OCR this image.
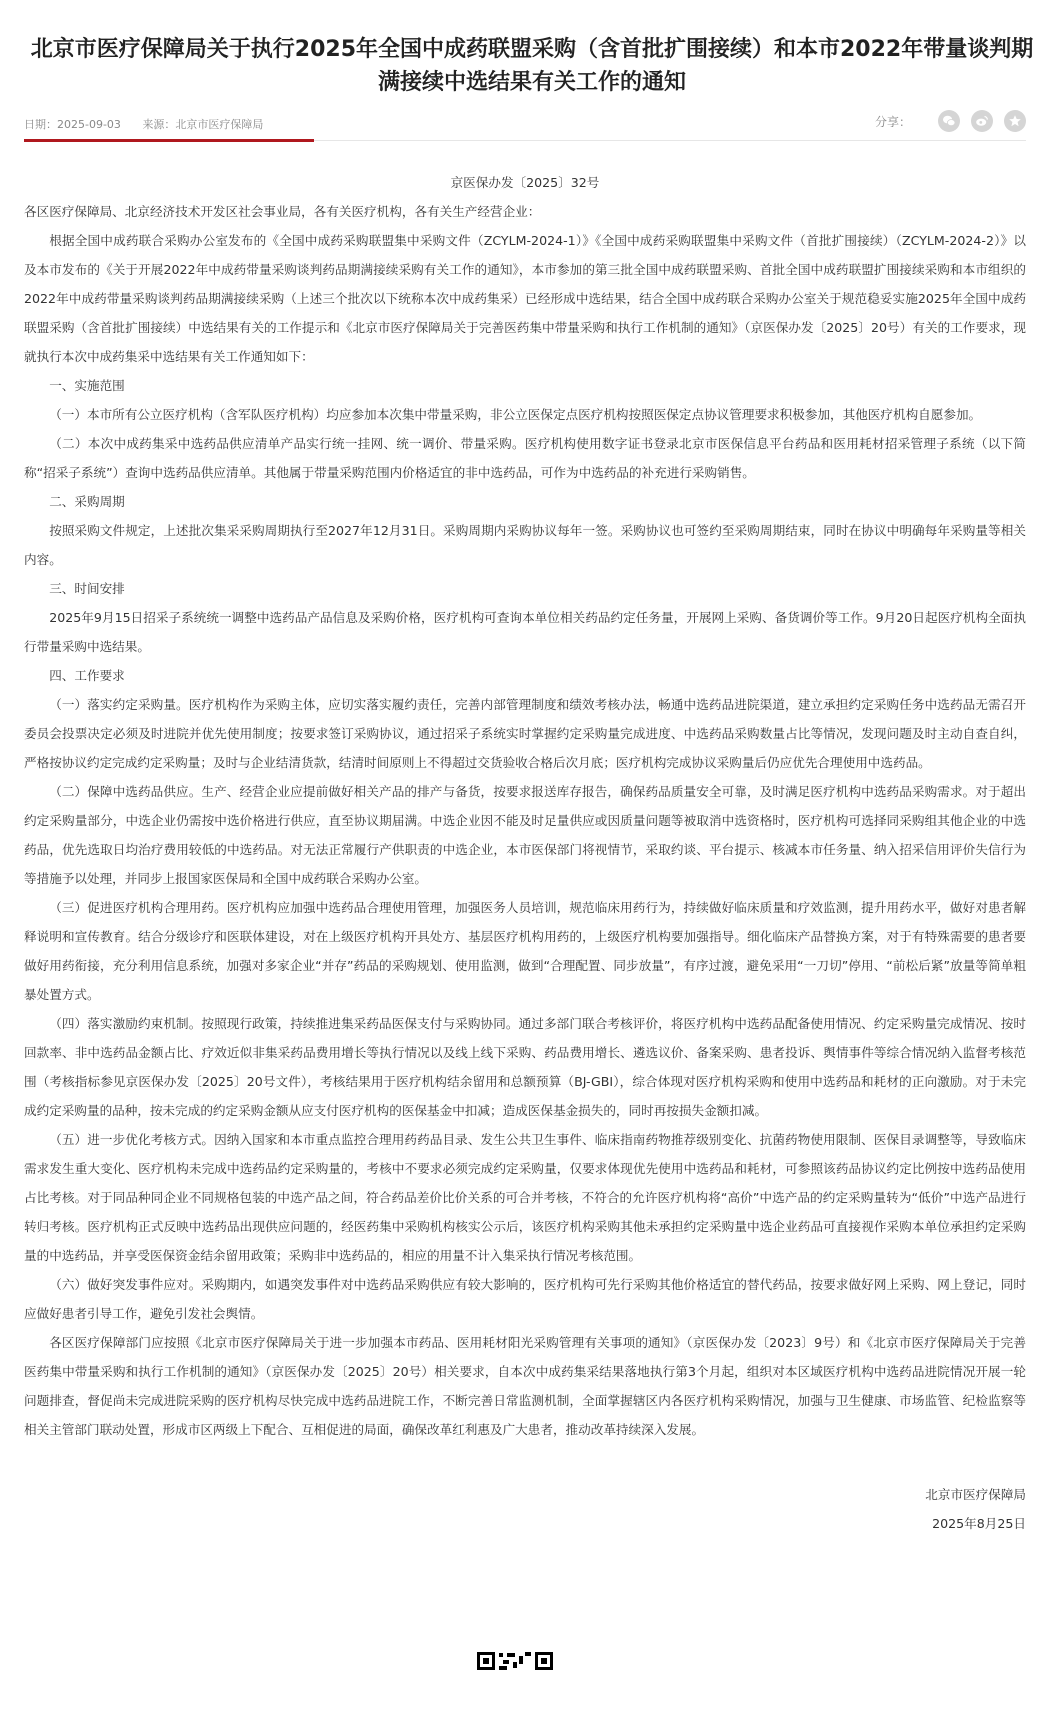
北京市医疗保障局关于执行2025年全国中成药联盟采购（含首批扩围接续）和本市2022年带量谈判期满接续中选结果有关工作的通知
日期：2025-09-03 来源：北京市医疗保障局	分享：

京医保办发〔2025〕32号

各区医疗保障局、北京经济技术开发区社会事业局，各有关医疗机构，各有关生产经营企业：

根据全国中成药联合采购办公室发布的《全国中成药采购联盟集中采购文件（ZCYLM-2024-1）》《全国中成药采购联盟集中采购文件（首批扩围接续）（ZCYLM-2024-2）》以及本市发布的《关于开展2022年中成药带量采购谈判药品期满接续采购有关工作的通知》，本市参加的第三批全国中成药联盟采购、首批全国中成药联盟扩围接续采购和本市组织的2022年中成药带量采购谈判药品期满接续采购（上述三个批次以下统称本次中成药集采）已经形成中选结果，结合全国中成药联合采购办公室关于规范稳妥实施2025年全国中成药联盟采购（含首批扩围接续）中选结果有关的工作提示和《北京市医疗保障局关于完善医药集中带量采购和执行工作机制的通知》（京医保办发〔2025〕20号）有关的工作要求，现就执行本次中成药集采中选结果有关工作通知如下：

一、实施范围

（一）本市所有公立医疗机构（含军队医疗机构）均应参加本次集中带量采购，非公立医保定点医疗机构按照医保定点协议管理要求积极参加，其他医疗机构自愿参加。

（二）本次中成药集采中选药品供应清单产品实行统一挂网、统一调价、带量采购。医疗机构使用数字证书登录北京市医保信息平台药品和医用耗材招采管理子系统（以下简称“招采子系统”）查询中选药品供应清单。其他属于带量采购范围内价格适宜的非中选药品，可作为中选药品的补充进行采购销售。

二、采购周期

按照采购文件规定，上述批次集采采购周期执行至2027年12月31日。采购周期内采购协议每年一签。采购协议也可签约至采购周期结束，同时在协议中明确每年采购量等相关内容。

三、时间安排

2025年9月15日招采子系统统一调整中选药品产品信息及采购价格，医疗机构可查询本单位相关药品约定任务量，开展网上采购、备货调价等工作。9月20日起医疗机构全面执行带量采购中选结果。

四、工作要求

（一）落实约定采购量。医疗机构作为采购主体，应切实落实履约责任，完善内部管理制度和绩效考核办法，畅通中选药品进院渠道，建立承担约定采购任务中选药品无需召开委员会投票决定必须及时进院并优先使用制度；按要求签订采购协议，通过招采子系统实时掌握约定采购量完成进度、中选药品采购数量占比等情况，发现问题及时主动自查自纠，严格按协议约定完成约定采购量；及时与企业结清货款，结清时间原则上不得超过交货验收合格后次月底；医疗机构完成协议采购量后仍应优先合理使用中选药品。

（二）保障中选药品供应。生产、经营企业应提前做好相关产品的排产与备货，按要求报送库存报告，确保药品质量安全可靠，及时满足医疗机构中选药品采购需求。对于超出约定采购量部分，中选企业仍需按中选价格进行供应，直至协议期届满。中选企业因不能及时足量供应或因质量问题等被取消中选资格时，医疗机构可选择同采购组其他企业的中选药品，优先选取日均治疗费用较低的中选药品。对无法正常履行产供职责的中选企业，本市医保部门将视情节，采取约谈、平台提示、核减本市任务量、纳入招采信用评价失信行为等措施予以处理，并同步上报国家医保局和全国中成药联合采购办公室。

（三）促进医疗机构合理用药。医疗机构应加强中选药品合理使用管理，加强医务人员培训，规范临床用药行为，持续做好临床质量和疗效监测，提升用药水平，做好对患者解释说明和宣传教育。结合分级诊疗和医联体建设，对在上级医疗机构开具处方、基层医疗机构用药的，上级医疗机构要加强指导。细化临床产品替换方案，对于有特殊需要的患者要做好用药衔接，充分利用信息系统，加强对多家企业“并存”药品的采购规划、使用监测，做到“合理配置、同步放量”，有序过渡，避免采用“一刀切”停用、“前松后紧”放量等简单粗暴处置方式。

（四）落实激励约束机制。按照现行政策，持续推进集采药品医保支付与采购协同。通过多部门联合考核评价，将医疗机构中选药品配备使用情况、约定采购量完成情况、按时回款率、非中选药品金额占比、疗效近似非集采药品费用增长等执行情况以及线上线下采购、药品费用增长、遴选议价、备案采购、患者投诉、舆情事件等综合情况纳入监督考核范围（考核指标参见京医保办发〔2025〕20号文件），考核结果用于医疗机构结余留用和总额预算（BJ-GBI），综合体现对医疗机构采购和使用中选药品和耗材的正向激励。对于未完成约定采购量的品种，按未完成的约定采购金额从应支付医疗机构的医保基金中扣减；造成医保基金损失的，同时再按损失金额扣减。

（五）进一步优化考核方式。因纳入国家和本市重点监控合理用药药品目录、发生公共卫生事件、临床指南药物推荐级别变化、抗菌药物使用限制、医保目录调整等，导致临床需求发生重大变化、医疗机构未完成中选药品约定采购量的，考核中不要求必须完成约定采购量，仅要求体现优先使用中选药品和耗材，可参照该药品协议约定比例按中选药品使用占比考核。对于同品种同企业不同规格包装的中选产品之间，符合药品差价比价关系的可合并考核，不符合的允许医疗机构将“高价”中选产品的约定采购量转为“低价”中选产品进行转归考核。医疗机构正式反映中选药品出现供应问题的，经医药集中采购机构核实公示后，该医疗机构采购其他未承担约定采购量中选企业药品可直接视作采购本单位承担约定采购量的中选药品，并享受医保资金结余留用政策；采购非中选药品的，相应的用量不计入集采执行情况考核范围。

（六）做好突发事件应对。采购期内，如遇突发事件对中选药品采购供应有较大影响的，医疗机构可先行采购其他价格适宜的替代药品，按要求做好网上采购、网上登记，同时应做好患者引导工作，避免引发社会舆情。

各区医疗保障部门应按照《北京市医疗保障局关于进一步加强本市药品、医用耗材阳光采购管理有关事项的通知》（京医保办发〔2023〕9号）和《北京市医疗保障局关于完善医药集中带量采购和执行工作机制的通知》（京医保办发〔2025〕20号）相关要求，自本次中成药集采结果落地执行第3个月起，组织对本区域医疗机构中选药品进院情况开展一轮问题排查，督促尚未完成进院采购的医疗机构尽快完成中选药品进院工作，不断完善日常监测机制，全面掌握辖区内各医疗机构采购情况，加强与卫生健康、市场监管、纪检监察等相关主管部门联动处置，形成市区两级上下配合、互相促进的局面，确保改革红利惠及广大患者，推动改革持续深入发展。

北京市医疗保障局

2025年8月25日
